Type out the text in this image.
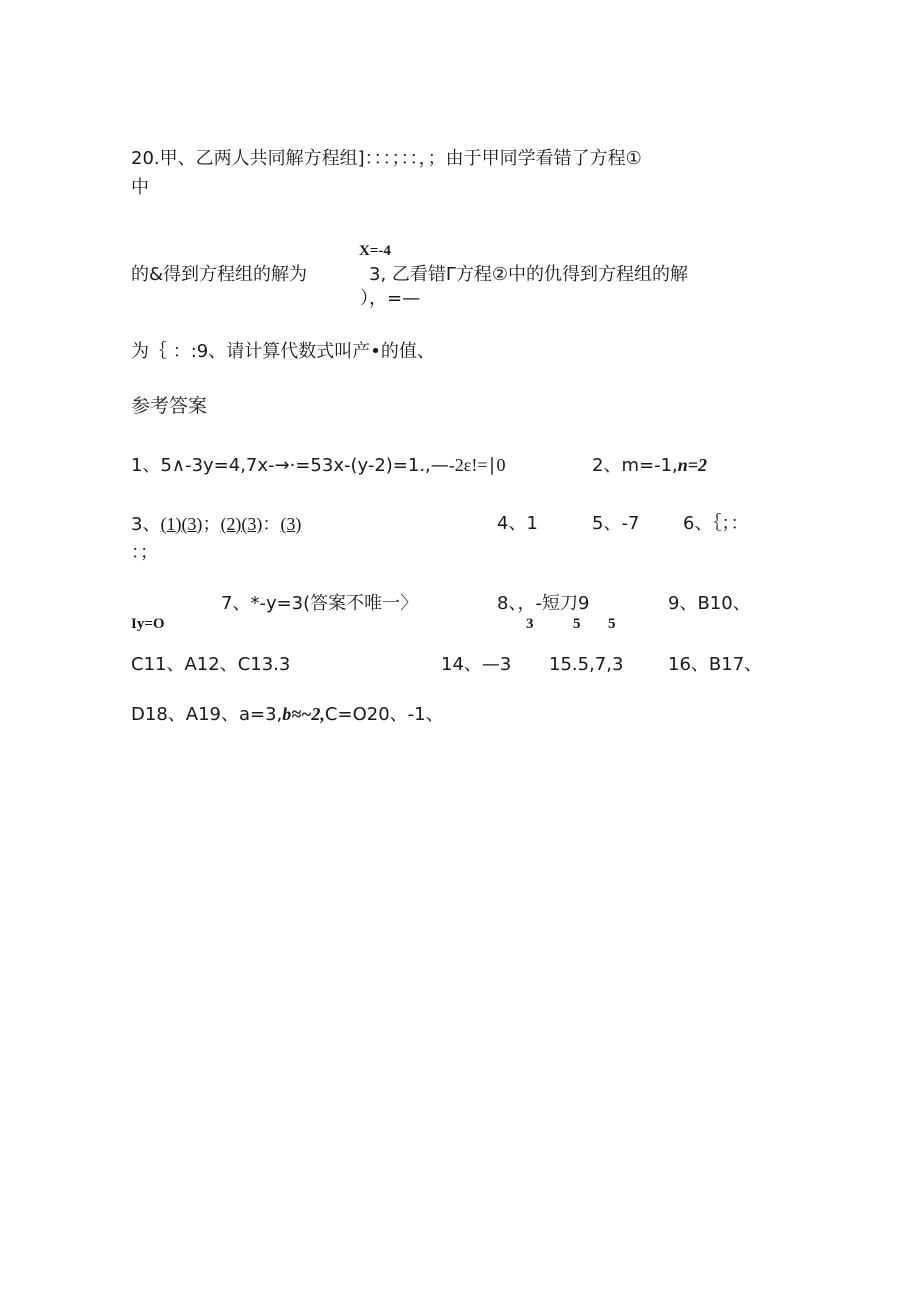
20.甲、乙两人共同解方程组]：：：；：：，；由于甲同学看错了方程①
中
X=-4
的&得到方程组的解为	3, 乙看错Γ方程②中的仇得到方程组的解
），=—
为｛ ：:9、请计算代数式叫产•的值、
参考答案
1、5∧-3y=4,7x-→·=53x-(y-2)=1.,—-2ε!=∣0	2、m=-1,n=2
3、(1)(3)；(2)(3)：(3)	4、1	5、-7 6、｛；：
：；
7、*-y=3(答案不唯一〉
Iy=O
8、，-短刀9
3	5 5
9、B10、
C11、A12、C13.3	14、—3 15.5,7,3 16、B17、
D18、A19、a=3,b≈~2,C=O20、-1、
